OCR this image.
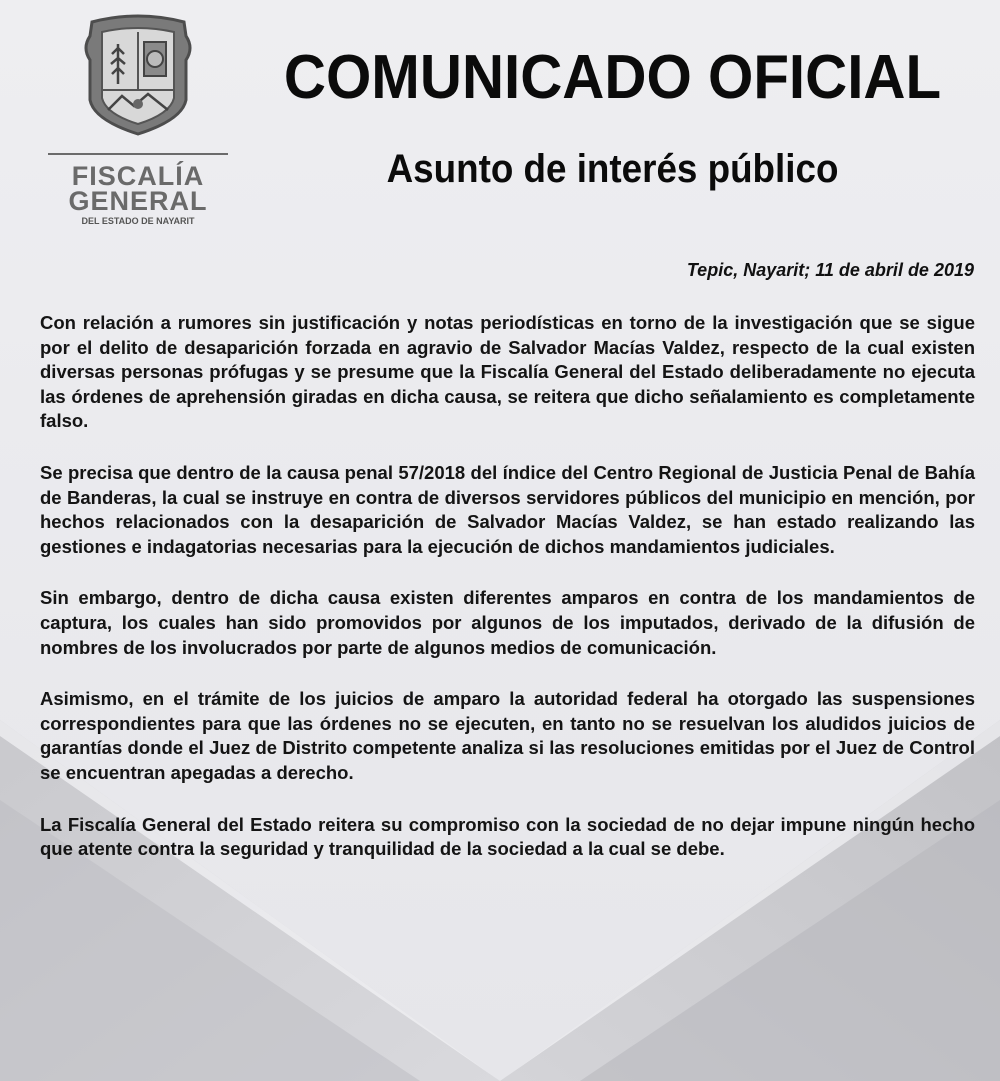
FISCALÍA
GENERAL
DEL ESTADO DE NAYARIT
COMUNICADO OFICIAL
Asunto de interés público
Tepic, Nayarit; 11 de abril de 2019

Con relación a rumores sin justificación y notas periodísticas en torno de la investigación que se sigue por el delito de desaparición forzada en agravio de Salvador Macías Valdez, respecto de la cual existen diversas personas prófugas y se presume que la Fiscalía General del Estado deliberadamente no ejecuta las órdenes de aprehensión giradas en dicha causa, se reitera que dicho señalamiento es completamente falso.

Se precisa que dentro de la causa penal 57/2018 del índice del Centro Regional de Justicia Penal de Bahía de Banderas, la cual se instruye en contra de diversos servidores públicos del municipio en mención, por hechos relacionados con la desaparición de Salvador Macías Valdez, se han estado realizando las gestiones e indagatorias necesarias para la ejecución de dichos mandamientos judiciales.

Sin embargo, dentro de dicha causa existen diferentes amparos en contra de los mandamientos de captura, los cuales han sido promovidos por algunos de los imputados, derivado de la difusión de nombres de los involucrados por parte de algunos medios de comunicación.

Asimismo, en el trámite de los juicios de amparo la autoridad federal ha otorgado las suspensiones correspondientes para que las órdenes no se ejecuten, en tanto no se resuelvan los aludidos juicios de garantías donde el Juez de Distrito competente analiza si las resoluciones emitidas por el Juez de Control se encuentran apegadas a derecho.

La Fiscalía General del Estado reitera su compromiso con la sociedad de no dejar impune ningún hecho que atente contra la seguridad y tranquilidad de la sociedad a la cual se debe.
